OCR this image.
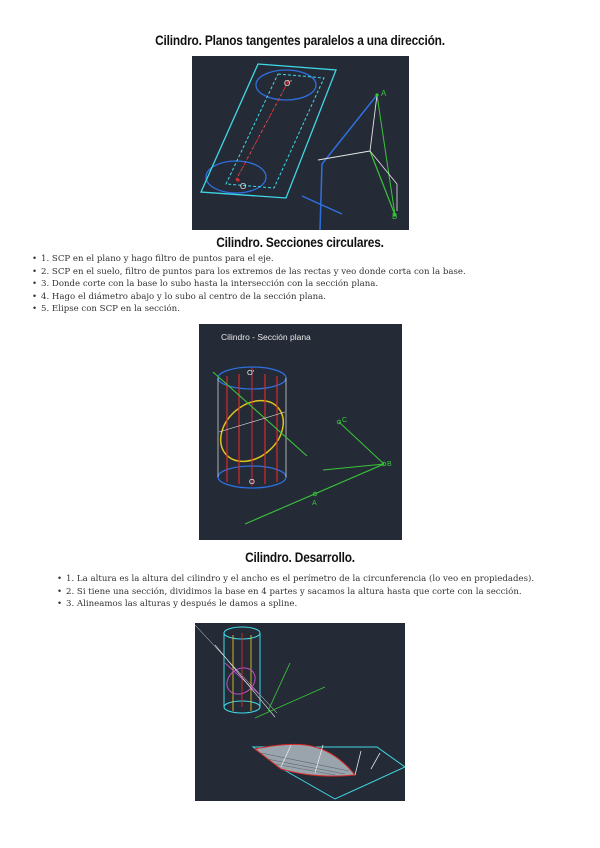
Cilindro. Planos tangentes paralelos a una dirección.
O'
O
A
B
Cilindro. Secciones circulares.
• 1. SCP en el plano y hago filtro de puntos para el eje.
• 2. SCP en el suelo, filtro de puntos para los extremos de las rectas y veo donde corta con la base.
• 3. Donde corte con la base lo subo hasta la intersección con la sección plana.
• 4. Hago el diámetro abajo y lo subo al centro de la sección plana.
• 5. Elipse con SCP en la sección.
Cilindro - Sección plana
O'
O
C
B
A
Cilindro. Desarrollo.
• 1. La altura es la altura del cilindro y el ancho es el perímetro de la circunferencia (lo veo en propiedades).
• 2. Si tiene una sección, dividimos la base en 4 partes y sacamos la altura hasta que corte con la sección.
• 3. Alineamos las alturas y después le damos a spline.
